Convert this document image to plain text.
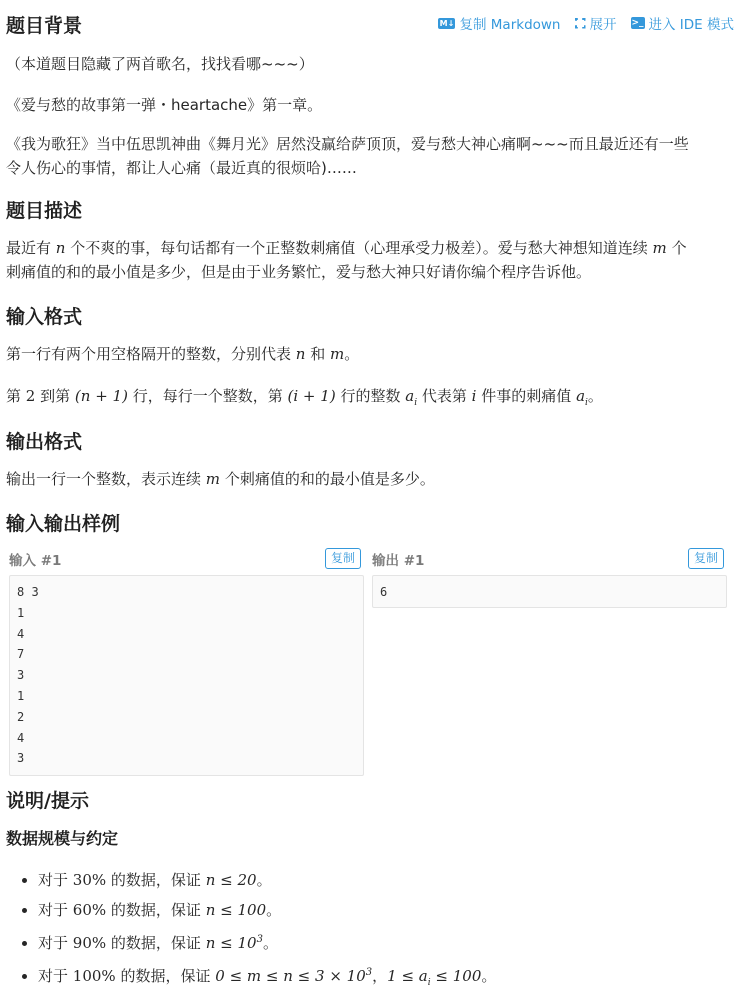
题目背景	M↓ 复制 Markdown 展开 >_ 进入 IDE 模式

（本道题目隐藏了两首歌名，找找看哪~~~）

《爱与愁的故事第一弹・heartache》第一章。

《我为歌狂》当中伍思凯神曲《舞月光》居然没赢给萨顶顶，爱与愁大神心痛啊~~~而且最近还有一些

令人伤心的事情，都让人心痛（最近真的很烦哈)……

题目描述

最近有 n 个不爽的事，每句话都有一个正整数刺痛值（心理承受力极差）。爱与愁大神想知道连续 m 个

刺痛值的和的最小值是多少，但是由于业务繁忙，爱与愁大神只好请你编个程序告诉他。

输入格式

第一行有两个用空格隔开的整数，分别代表 n 和 m。

第 2 到第 (n + 1) 行，每行一个整数，第 (i + 1) 行的整数 $a_i$ 代表第 i 件事的刺痛值 $a_i$。

输出格式

输出一行一个整数，表示连续 m 个刺痛值的和的最小值是多少。

输入输出样例
输入 #1	复制
8 3
1
4
7
3
1
2
4
3
输出 #1	复制
6
说明/提示
数据规模与约定
• 对于 30% 的数据，保证 n ≤ 20。
• 对于 60% 的数据，保证 n ≤ 100。
• 对于 90% 的数据，保证 $n \le 10^3$。
• 对于 100% 的数据，保证 $0 \le m \le n \le 3 \times 10^3$，$1 \le a_i \le 100$。
